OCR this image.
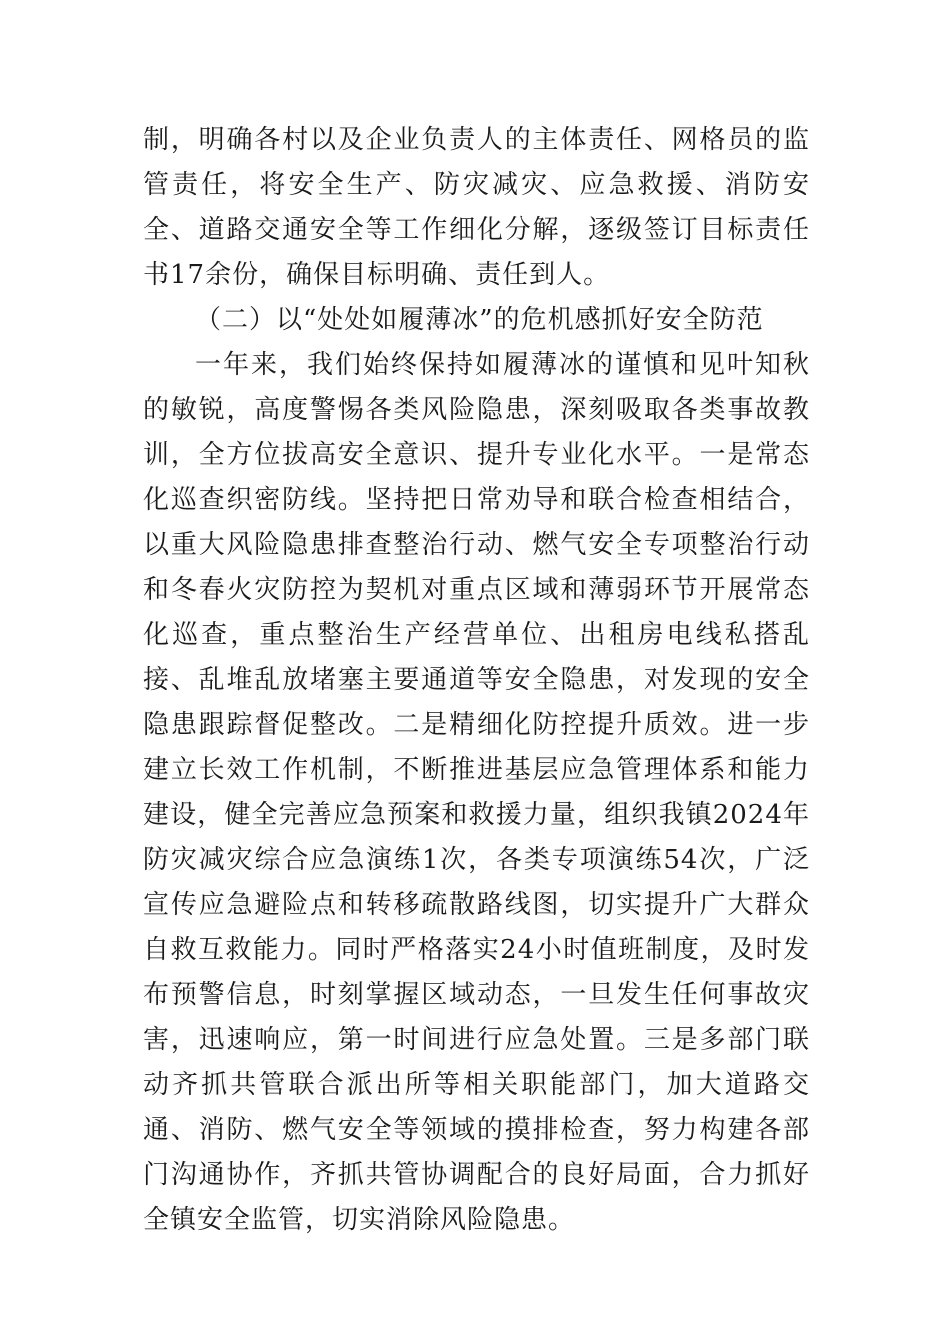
制，明确各村以及企业负责人的主体责任、网格员的监管责任，将安全生产、防灾减灾、应急救援、消防安全、道路交通安全等工作细化分解，逐级签订目标责任书17余份，确保目标明确、责任到人。

（二）以“处处如履薄冰”的危机感抓好安全防范

一年来，我们始终保持如履薄冰的谨慎和见叶知秋的敏锐，高度警惕各类风险隐患，深刻吸取各类事故教训，全方位拔高安全意识、提升专业化水平。一是常态化巡查织密防线。坚持把日常劝导和联合检查相结合，以重大风险隐患排查整治行动、燃气安全专项整治行动和冬春火灾防控为契机对重点区域和薄弱环节开展常态化巡查，重点整治生产经营单位、出租房电线私搭乱接、乱堆乱放堵塞主要通道等安全隐患，对发现的安全隐患跟踪督促整改。二是精细化防控提升质效。进一步建立长效工作机制，不断推进基层应急管理体系和能力建设，健全完善应急预案和救援力量，组织我镇2024年防灾减灾综合应急演练1次，各类专项演练54次，广泛宣传应急避险点和转移疏散路线图，切实提升广大群众自救互救能力。同时严格落实24小时值班制度，及时发布预警信息，时刻掌握区域动态，一旦发生任何事故灾害，迅速响应，第一时间进行应急处置。三是多部门联动齐抓共管联合派出所等相关职能部门，加大道路交通、消防、燃气安全等领域的摸排检查，努力构建各部门沟通协作，齐抓共管协调配合的良好局面，合力抓好全镇安全监管，切实消除风险隐患。
